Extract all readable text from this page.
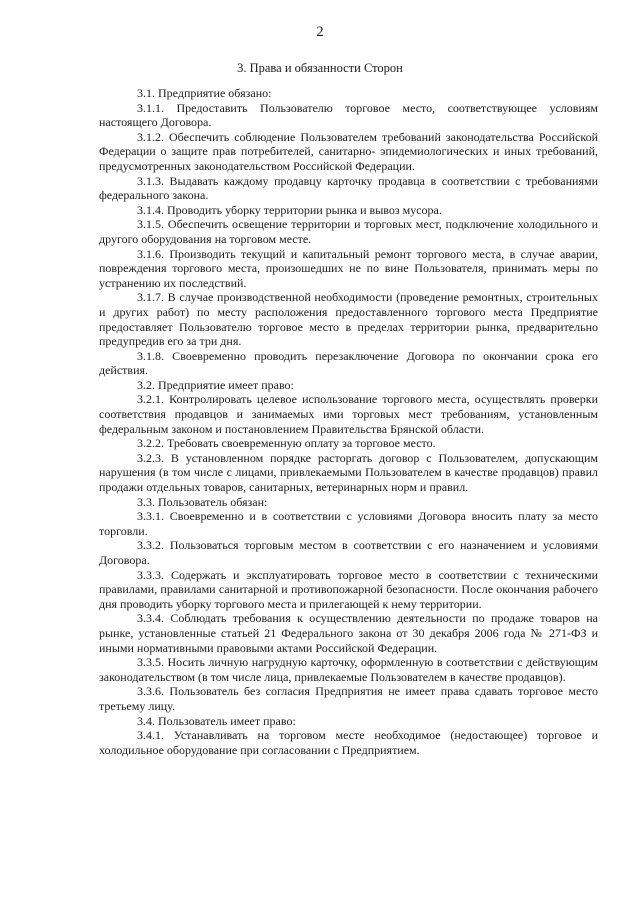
2
3. Права и обязанности Сторон

3.1. Предприятие обязано:

3.1.1. Предоставить Пользователю торговое место, соответствующее условиям настоящего Договора.

3.1.2. Обеспечить соблюдение Пользователем требований законодательства Российской Федерации о защите прав потребителей, санитарно- эпидемиологических и иных требований, предусмотренных законодательством Российской Федерации.

3.1.3. Выдавать каждому продавцу карточку продавца в соответствии с требованиями федерального закона.

3.1.4. Проводить уборку территории рынка и вывоз мусора.

3.1.5. Обеспечить освещение территории и торговых мест, подключение холодильного и другого оборудования на торговом месте.

3.1.6. Производить текущий и капитальный ремонт торгового места, в случае аварии, повреждения торгового места, произошедших не по вине Пользователя, принимать меры по устранению их последствий.

3.1.7. В случае производственной необходимости (проведение ремонтных, строительных и других работ) по месту расположения предоставленного торгового места Предприятие предоставляет Пользователю торговое место в пределах территории рынка, предварительно предупредив его за три дня.

3.1.8. Своевременно проводить перезаключение Договора по окончании срока его действия.

3.2. Предприятие имеет право:

3.2.1. Контролировать целевое использование торгового места, осуществлять проверки соответствия продавцов и занимаемых ими торговых мест требованиям, установленным федеральным законом и постановлением Правительства Брянской области.

3.2.2. Требовать своевременную оплату за торговое место.

3.2.3. В установленном порядке расторгать договор с Пользователем, допускающим нарушения (в том числе с лицами, привлекаемыми Пользователем в качестве продавцов) правил продажи отдельных товаров, санитарных, ветеринарных норм и правил.

3.3. Пользователь обязан:

3.3.1. Своевременно и в соответствии с условиями Договора вносить плату за место торговли.

3.3.2. Пользоваться торговым местом в соответствии с его назначением и условиями Договора.

3.3.3. Содержать и эксплуатировать торговое место в соответствии с техническими правилами, правилами санитарной и противопожарной безопасности. После окончания рабочего дня проводить уборку торгового места и прилегающей к нему территории.

3.3.4. Соблюдать требования к осуществлению деятельности по продаже товаров на рынке, установленные статьей 21 Федерального закона от 30 декабря 2006 года № 271-ФЗ и иными нормативными правовыми актами Российской Федерации.

3.3.5. Носить личную нагрудную карточку, оформленную в соответствии с действующим законодательством (в том числе лица, привлекаемые Пользователем в качестве продавцов).

3.3.6. Пользователь без согласия Предприятия не имеет права сдавать торговое место третьему лицу.

3.4. Пользователь имеет право:

3.4.1. Устанавливать на торговом месте необходимое (недостающее) торговое и холодильное оборудование при согласовании с Предприятием.
